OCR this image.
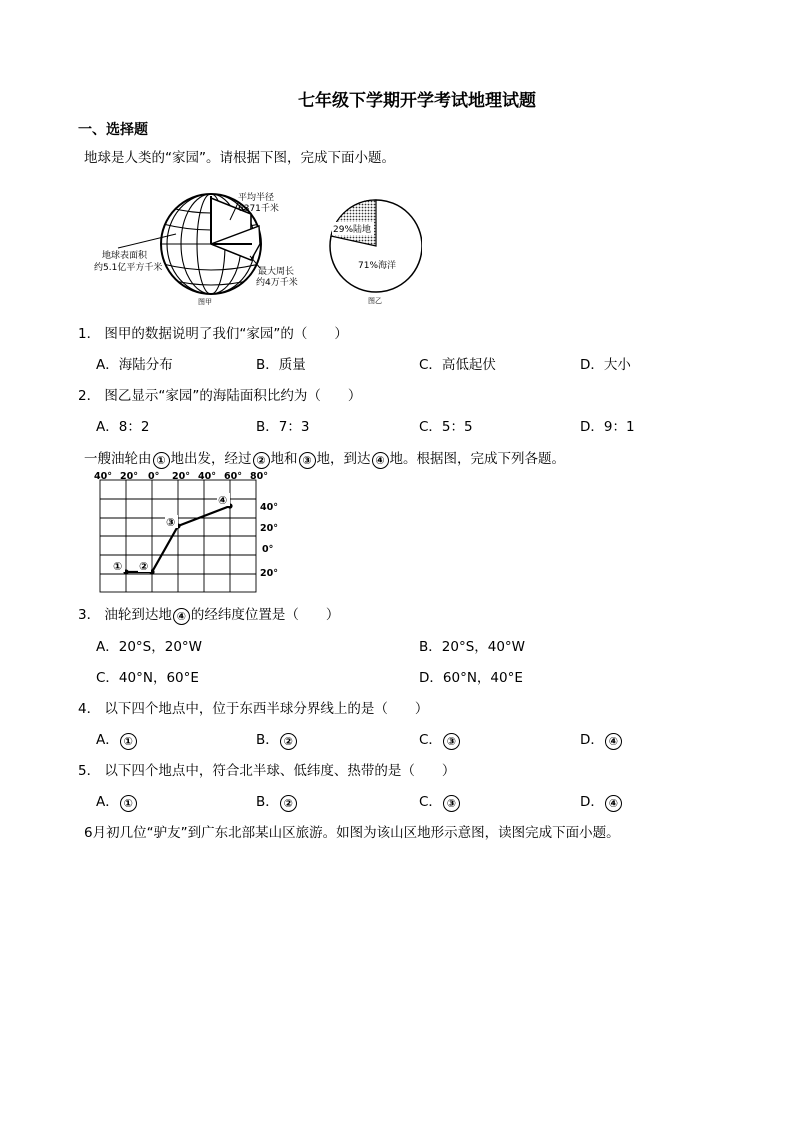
七年级下学期开学考试地理试题
一、选择题
地球是人类的“家园”。请根据下图，完成下面小题。
平均半径
6371千米
地球表面积
约5.1亿平方千米	最大周长
约4万千米
图甲
29%陆地
71%海洋
图乙
1． 图甲的数据说明了我们“家园”的（　　）
A．海陆分布	B．质量	C．高低起伏	D．大小
2． 图乙显示“家园”的海陆面积比约为（　　）
A．8：2	B．7：3	C．5：5	D．9：1
一艘油轮由 ① 地出发，经过 ② 地和 ③ 地，到达 ④ 地。根据图，完成下列各题。
40° 20° 0° 20° 40° 60° 80°
40°
20°
0°
20°
① ②
③
④
3． 油轮到达地 ④ 的经纬度位置是（　　）
A．20°S，20°W	B．20°S，40°W
C．40°N，60°E	D．60°N，40°E
4． 以下四个地点中，位于东西半球分界线上的是（　　）
A． ①	B． ②	C． ③	D． ④
5． 以下四个地点中，符合北半球、低纬度、热带的是（　　）
A． ①	B． ②	C． ③	D． ④
6月初几位“驴友”到广东北部某山区旅游。如图为该山区地形示意图，读图完成下面小题。
